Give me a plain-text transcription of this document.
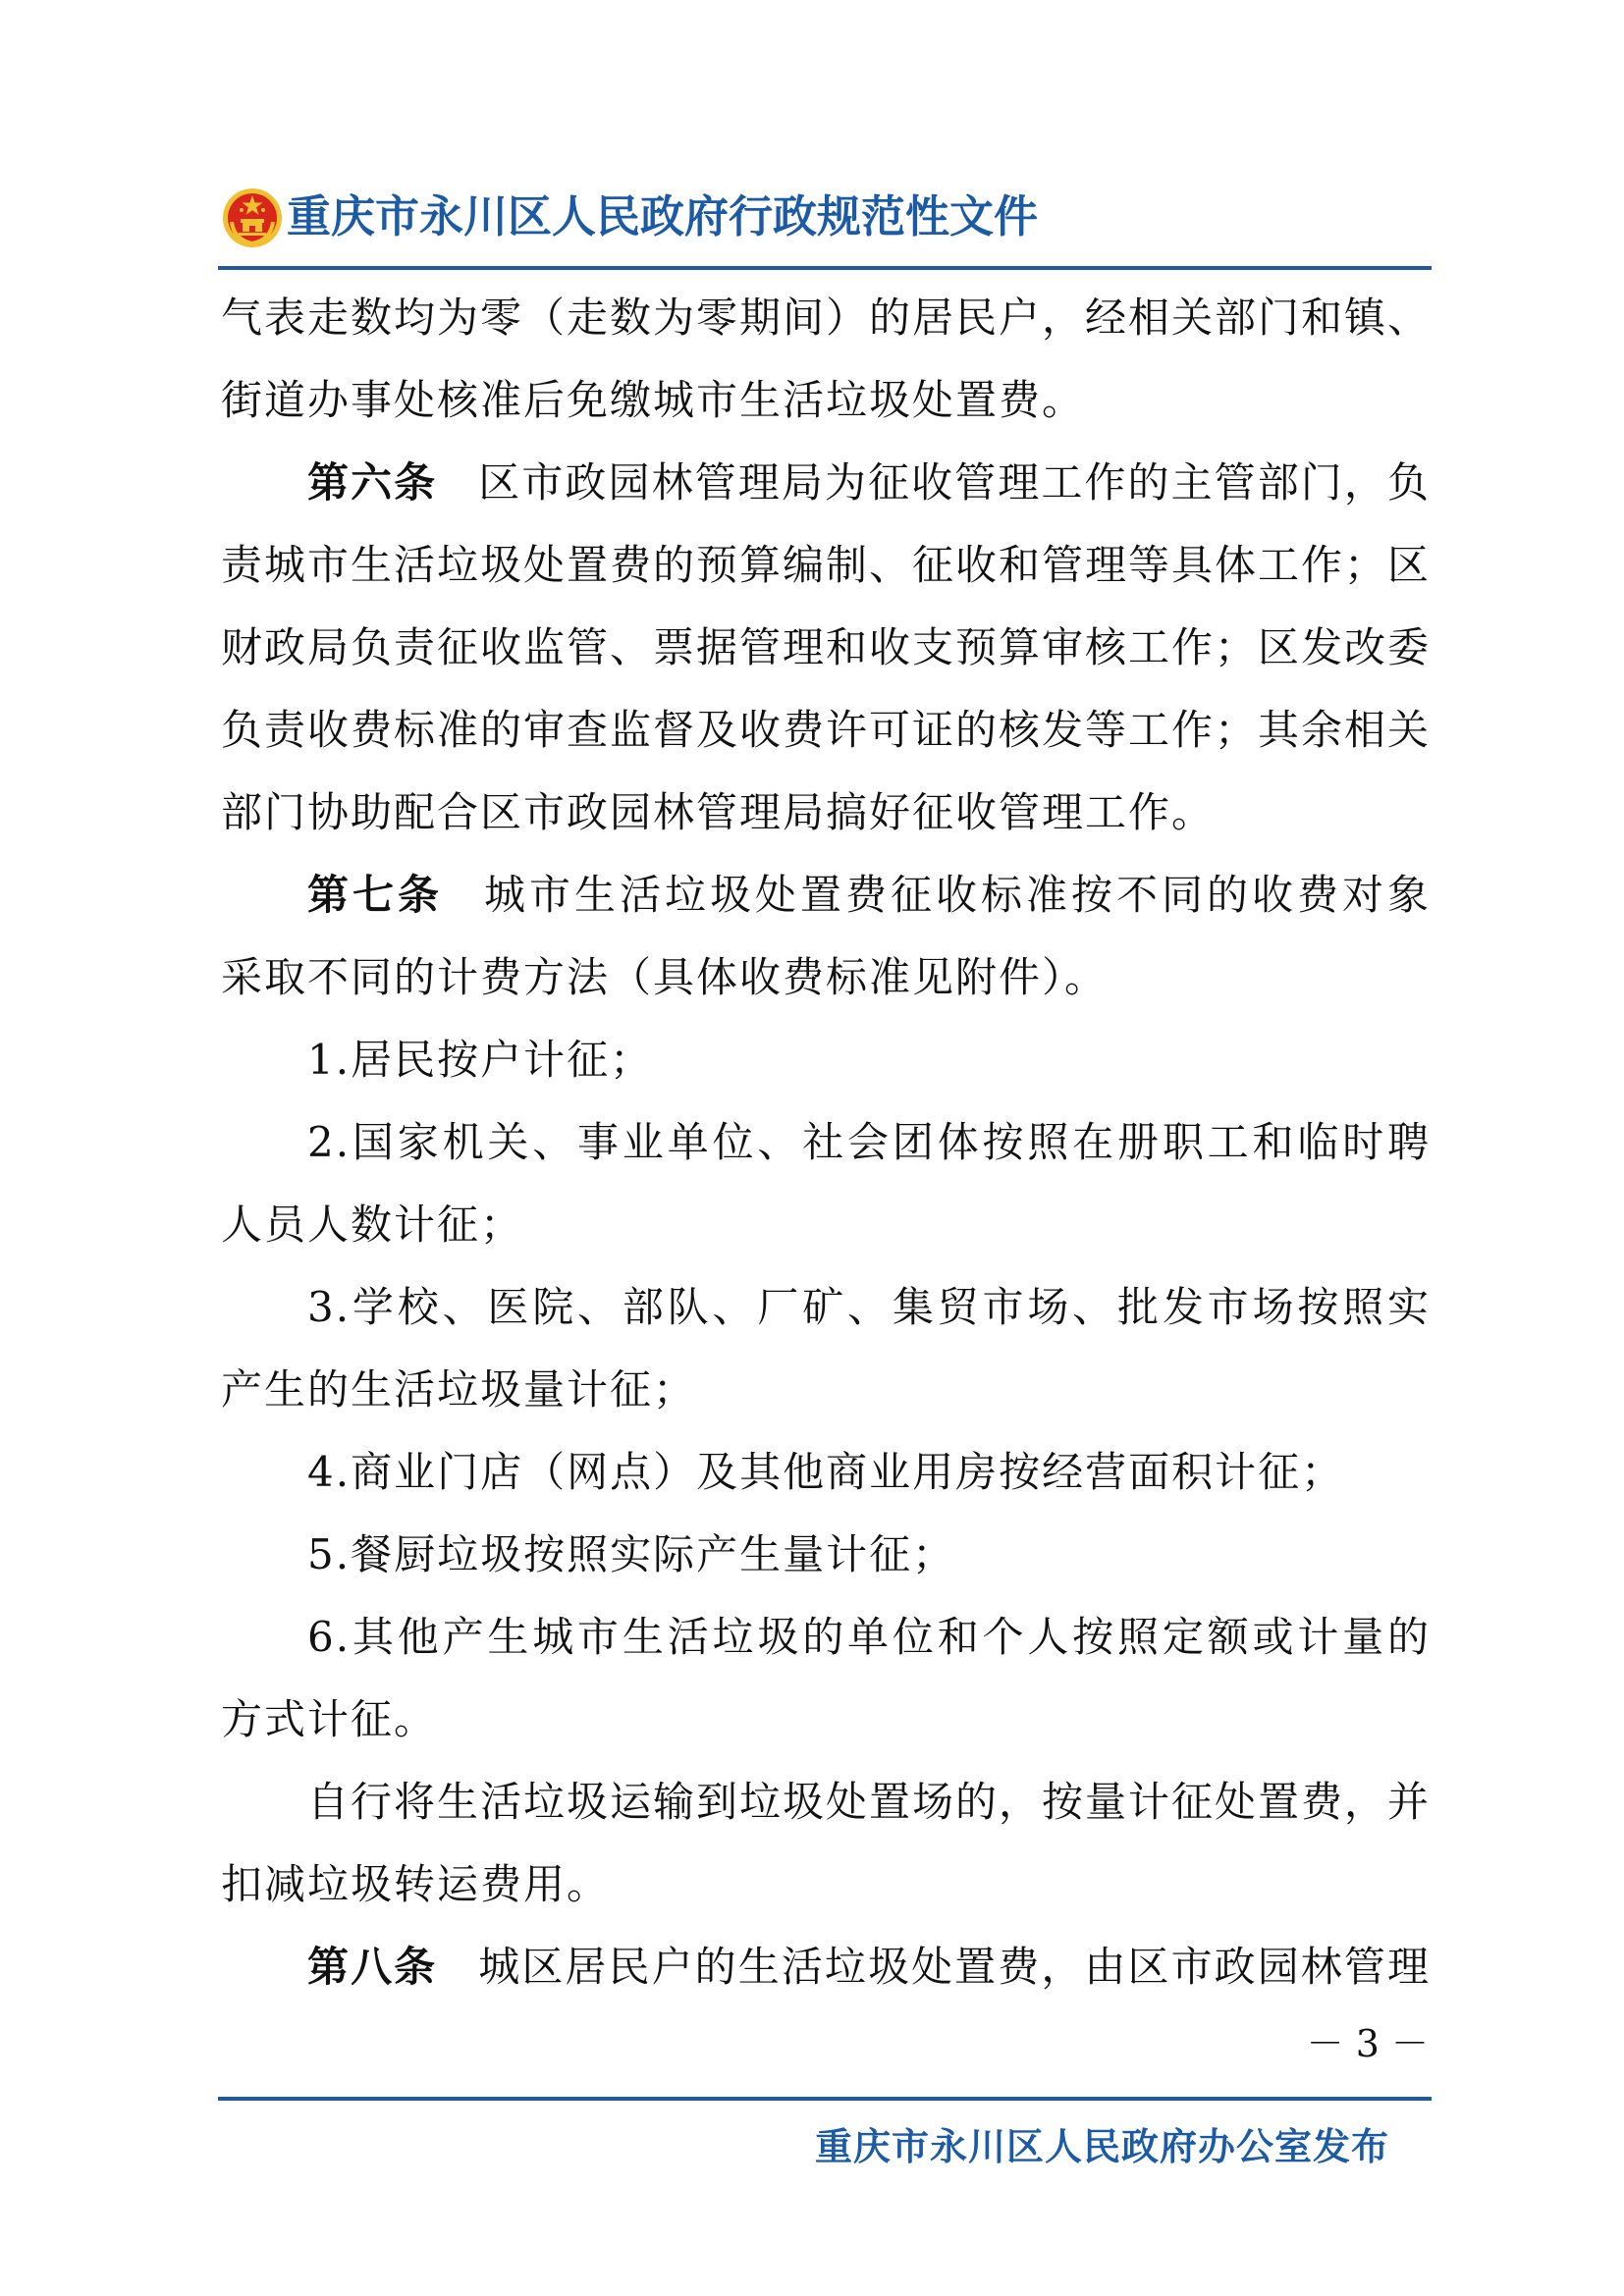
重庆市永川区人民政府行政规范性文件
气表走数均为零（走数为零期间）的居民户，经相关部门和镇、
街道办事处核准后免缴城市生活垃圾处置费。
第六条 区市政园林管理局为征收管理工作的主管部门，负
责城市生活垃圾处置费的预算编制、征收和管理等具体工作；区
财政局负责征收监管、票据管理和收支预算审核工作；区发改委
负责收费标准的审查监督及收费许可证的核发等工作；其余相关
部门协助配合区市政园林管理局搞好征收管理工作。
第七条 城市生活垃圾处置费征收标准按不同的收费对象
采取不同的计费方法（具体收费标准见附件）。
1.居民按户计征；
2.国家机关、事业单位、社会团体按照在册职工和临时聘
人员人数计征；
3.学校、医院、部队、厂矿、集贸市场、批发市场按照实
产生的生活垃圾量计征；
4.商业门店（网点）及其他商业用房按经营面积计征；
5.餐厨垃圾按照实际产生量计征；
6.其他产生城市生活垃圾的单位和个人按照定额或计量的
方式计征。
自行将生活垃圾运输到垃圾处置场的，按量计征处置费，并
扣减垃圾转运费用。
第八条 城区居民户的生活垃圾处置费，由区市政园林管理
－ 3 －
重庆市永川区人民政府办公室发布
